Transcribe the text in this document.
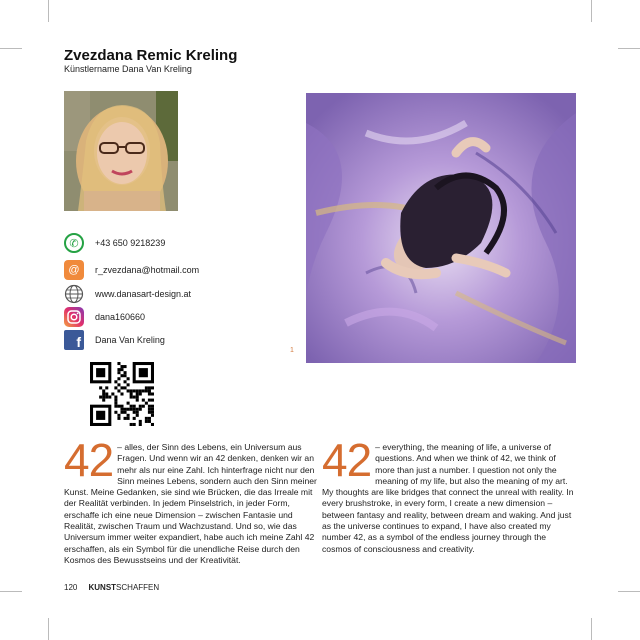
Zvezdana Remic Kreling
Künstlername Dana Van Kreling
✆	+43 650 9218239
@	r_zvezdana@hotmail.com
www.danasart-design.at
dana160660
f	Dana Van Kreling
1
42 – alles, der Sinn des Lebens, ein Universum aus Fragen. Und wenn wir an 42 denken, denken wir an mehr als nur eine Zahl. Ich hinterfrage nicht nur den Sinn meines Lebens, sondern auch den Sinn meiner Kunst. Meine Gedanken, sie sind wie Brücken, die das Irreale mit der Realität verbinden. In jedem Pinselstrich, in jeder Form, erschaffe ich eine neue Dimension – zwischen Fantasie und Realität, zwischen Traum und Wachzustand. Und so, wie das Universum immer weiter expandiert, habe auch ich meine Zahl 42 erschaffen, als ein Symbol für die unendliche Reise durch den Kosmos des Bewusstseins und der Kreativität.
42 – everything, the meaning of life, a universe of questions. And when we think of 42, we think of more than just a number. I question not only the meaning of my life, but also the meaning of my art. My thoughts are like bridges that connect the unreal with reality. In every brushstroke, in every form, I create a new dimension – between fantasy and reality, between dream and waking. And just as the universe continues to expand, I have also created my number 42, as a symbol of the endless journey through the cosmos of consciousness and creativity.
120 KUNSTSCHAFFEN
